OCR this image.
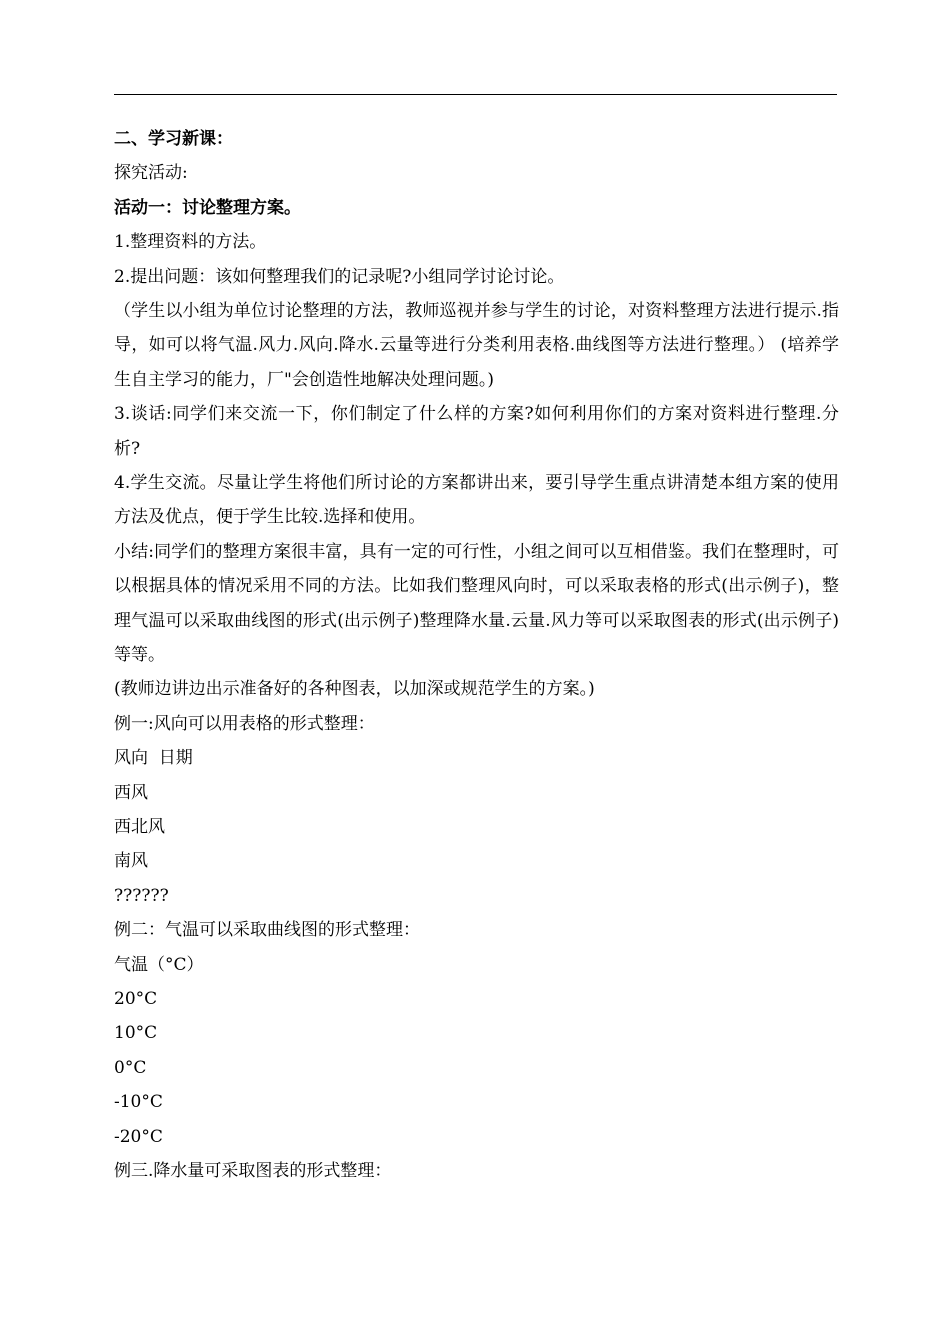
二、学习新课：
探究活动:
活动一：讨论整理方案。
1.整理资料的方法。
2.提出问题：该如何整理我们的记录呢?小组同学讨论讨论。
（学生以小组为单位讨论整理的方法，教师巡视并参与学生的讨论，对资料整理方法进行提示.指导，如可以将气温.风力.风向.降水.云量等进行分类利用表格.曲线图等方法进行整理。） (培养学生自主学习的能力，厂"会创造性地解决处理问题。)
3.谈话:同学们来交流一下，你们制定了什么样的方案?如何利用你们的方案对资料进行整理.分析?
4.学生交流。尽量让学生将他们所讨论的方案都讲出来，要引导学生重点讲清楚本组方案的使用方法及优点，便于学生比较.选择和使用。
小结:同学们的整理方案很丰富，具有一定的可行性，小组之间可以互相借鉴。我们在整理时，可以根据具体的情况采用不同的方法。比如我们整理风向时，可以采取表格的形式(出示例子)，整理气温可以采取曲线图的形式(出示例子)整理降水量.云量.风力等可以采取图表的形式(出示例子)等等。
(教师边讲边出示准备好的各种图表，以加深或规范学生的方案。)
例一:风向可以用表格的形式整理：
风向  日期
西风
西北风
南风
??????
例二：气温可以采取曲线图的形式整理：
气温（°C）
20°C
10°C
0°C
-10°C
-20°C
例三.降水量可采取图表的形式整理：
